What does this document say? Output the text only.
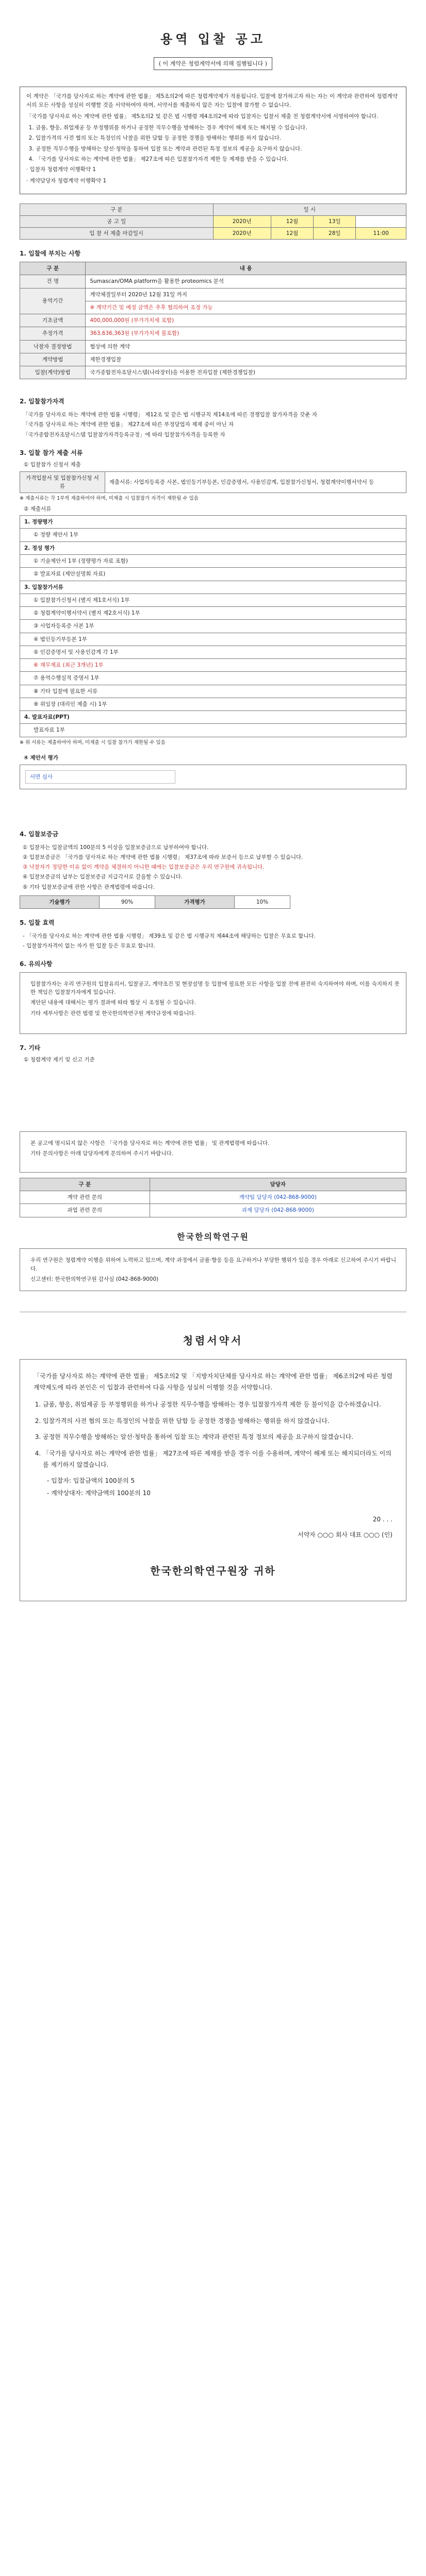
용역 입찰 공고
( 이 계약은 청렴계약서에 의해 집행됩니다 )

이 계약은 「국가를 당사자로 하는 계약에 관한 법률」 제5조의2에 따른 청렴계약제가 적용됩니다. 입찰에 참가하고자 하는 자는 이 계약과 관련하여 청렴계약서의 모든 사항을 성실히 이행할 것을 서약하여야 하며, 서약서를 제출하지 않은 자는 입찰에 참가할 수 없습니다.

「국가를 당사자로 하는 계약에 관한 법률」 제5조의2 및 같은 법 시행령 제4조의2에 따라 입찰자는 입찰서 제출 전 청렴계약서에 서명하여야 합니다.

1. 금품, 향응, 취업제공 등 부정행위를 하거나 공정한 직무수행을 방해하는 경우 계약이 해제 또는 해지될 수 있습니다.
2. 입찰가격의 사전 협의 또는 특정인의 낙찰을 위한 담합 등 공정한 경쟁을 방해하는 행위를 하지 않습니다.
3. 공정한 직무수행을 방해하는 알선·청탁을 통하여 입찰 또는 계약과 관련된 특정 정보의 제공을 요구하지 않습니다.
4. 「국가를 당사자로 하는 계약에 관한 법률」 제27조에 따른 입찰참가자격 제한 등 제재를 받을 수 있습니다.

· 입찰자 청렴계약 이행확약 1

· 계약담당자 청렴계약 이행확약 1

구 분	일 시			
공 고 일	2020년	12월	13일	
입 찰 서 제출 마감일시	2020년	12월	28일	11:00
1. 입찰에 부치는 사항
구 분	내 용
건 명	Sumascan/OMA platform을 활용한 proteomics 분석
용역기간	계약체결일부터 2020년 12월 31일 까지
	※ 계약기간 및 예정 금액은 추후 협의하여 조정 가능
기초금액	400,000,000원 (부가가치세 포함)
추정가격	363,636,363원 (부가가치세 불포함)
낙찰자 결정방법	협상에 의한 계약
계약방법	제한경쟁입찰
입찰(계약)방법	국가종합전자조달시스템(나라장터)을 이용한 전자입찰 (제한경쟁입찰)
2. 입찰참가자격

「국가를 당사자로 하는 계약에 관한 법률 시행령」 제12조 및 같은 법 시행규칙 제14조에 따른 경쟁입찰 참가자격을 갖춘 자

「국가를 당사자로 하는 계약에 관한 법률」 제27조에 따른 부정당업자 제재 중이 아닌 자

「국가종합전자조달시스템 입찰참가자격등록규정」에 따라 입찰참가자격을 등록한 자

3. 입찰 참가 제출 서류
① 입찰참가 신청서 제출
가격입찰서 및 입찰참가신청 서류	제출서류: 사업자등록증 사본, 법인등기부등본, 인감증명서, 사용인감계, 입찰참가신청서, 청렴계약이행서약서 등
※ 제출서류는 각 1부씩 제출하여야 하며, 미제출 시 입찰참가 자격이 제한될 수 있음
② 제출서류
1. 정량평가
① 정량 제안서 1부
2. 정성 평가
① 기술제안서 1부 (정량평가 자료 포함)
② 발표자료 (제안설명회 자료)
3. 입찰참가서류
① 입찰참가신청서 (별지 제1호서식) 1부
② 청렴계약이행서약서 (별지 제2호서식) 1부
③ 사업자등록증 사본 1부
④ 법인등기부등본 1부
⑤ 인감증명서 및 사용인감계 각 1부
⑥ 재무제표 (최근 3개년) 1부
⑦ 용역수행실적 증명서 1부
⑧ 기타 입찰에 필요한 서류
⑨ 위임장 (대리인 제출 시) 1부
4. 발표자료(PPT)
발표자료 1부
※ 위 서류는 제출하여야 하며, 미제출 시 입찰 참가가 제한될 수 있음
④ 제안서 평가
서면 심사
4. 입찰보증금

① 입찰자는 입찰금액의 100분의 5 이상을 입찰보증금으로 납부하여야 합니다.

② 입찰보증금은 「국가를 당사자로 하는 계약에 관한 법률 시행령」 제37조에 따라 보증서 등으로 납부할 수 있습니다.

③ 낙찰자가 정당한 이유 없이 계약을 체결하지 아니한 때에는 입찰보증금은 우리 연구원에 귀속됩니다.

④ 입찰보증금의 납부는 입찰보증금 지급각서로 갈음할 수 있습니다.

⑤ 기타 입찰보증금에 관한 사항은 관계법령에 따릅니다.

기술평가	90%	가격평가	10%
5. 입찰 효력

- 「국가를 당사자로 하는 계약에 관한 법률 시행령」 제39조 및 같은 법 시행규칙 제44조에 해당하는 입찰은 무효로 합니다.

- 입찰참가자격이 없는 자가 한 입찰 등은 무효로 합니다.

6. 유의사항

입찰참가자는 우리 연구원의 입찰유의서, 입찰공고, 계약조건 및 현장설명 등 입찰에 필요한 모든 사항을 입찰 전에 완전히 숙지하여야 하며, 이를 숙지하지 못한 책임은 입찰참가자에게 있습니다.

제안된 내용에 대해서는 평가 결과에 따라 협상 시 조정될 수 있습니다.

기타 세부사항은 관련 법령 및 한국한의학연구원 계약규정에 따릅니다.

7. 기타
① 청렴계약 제기 및 신고 기준

본 공고에 명시되지 않은 사항은 「국가를 당사자로 하는 계약에 관한 법률」 및 관계법령에 따릅니다.

기타 문의사항은 아래 담당자에게 문의하여 주시기 바랍니다.

구 분	담당자
계약 관련 문의	계약팀 담당자 (042-868-9000)
과업 관련 문의	과제 담당자 (042-868-9000)
한국한의학연구원

우리 연구원은 청렴계약 이행을 위하여 노력하고 있으며, 계약 과정에서 금품·향응 등을 요구하거나 부당한 행위가 있을 경우 아래로 신고하여 주시기 바랍니다.

신고센터: 한국한의학연구원 감사실 (042-868-9000)

청렴서약서

「국가를 당사자로 하는 계약에 관한 법률」 제5조의2 및 「지방자치단체를 당사자로 하는 계약에 관한 법률」 제6조의2에 따른 청렴계약제도에 따라 본인은 이 입찰과 관련하여 다음 사항을 성실히 이행할 것을 서약합니다.

1. 금품, 향응, 취업제공 등 부정행위를 하거나 공정한 직무수행을 방해하는 경우 입찰참가자격 제한 등 불이익을 감수하겠습니다.
2. 입찰가격의 사전 협의 또는 특정인의 낙찰을 위한 담합 등 공정한 경쟁을 방해하는 행위를 하지 않겠습니다.
3. 공정한 직무수행을 방해하는 알선·청탁을 통하여 입찰 또는 계약과 관련된 특정 정보의 제공을 요구하지 않겠습니다.
4. 「국가를 당사자로 하는 계약에 관한 법률」 제27조에 따른 제재를 받을 경우 이를 수용하며, 계약이 해제 또는 해지되더라도 이의를 제기하지 않겠습니다.

- 입찰자: 입찰금액의 100분의 5

- 계약상대자: 계약금액의 100분의 10

20 . . .
서약자 ○○○ 회사 대표 ○○○ (인)
한국한의학연구원장 귀하
